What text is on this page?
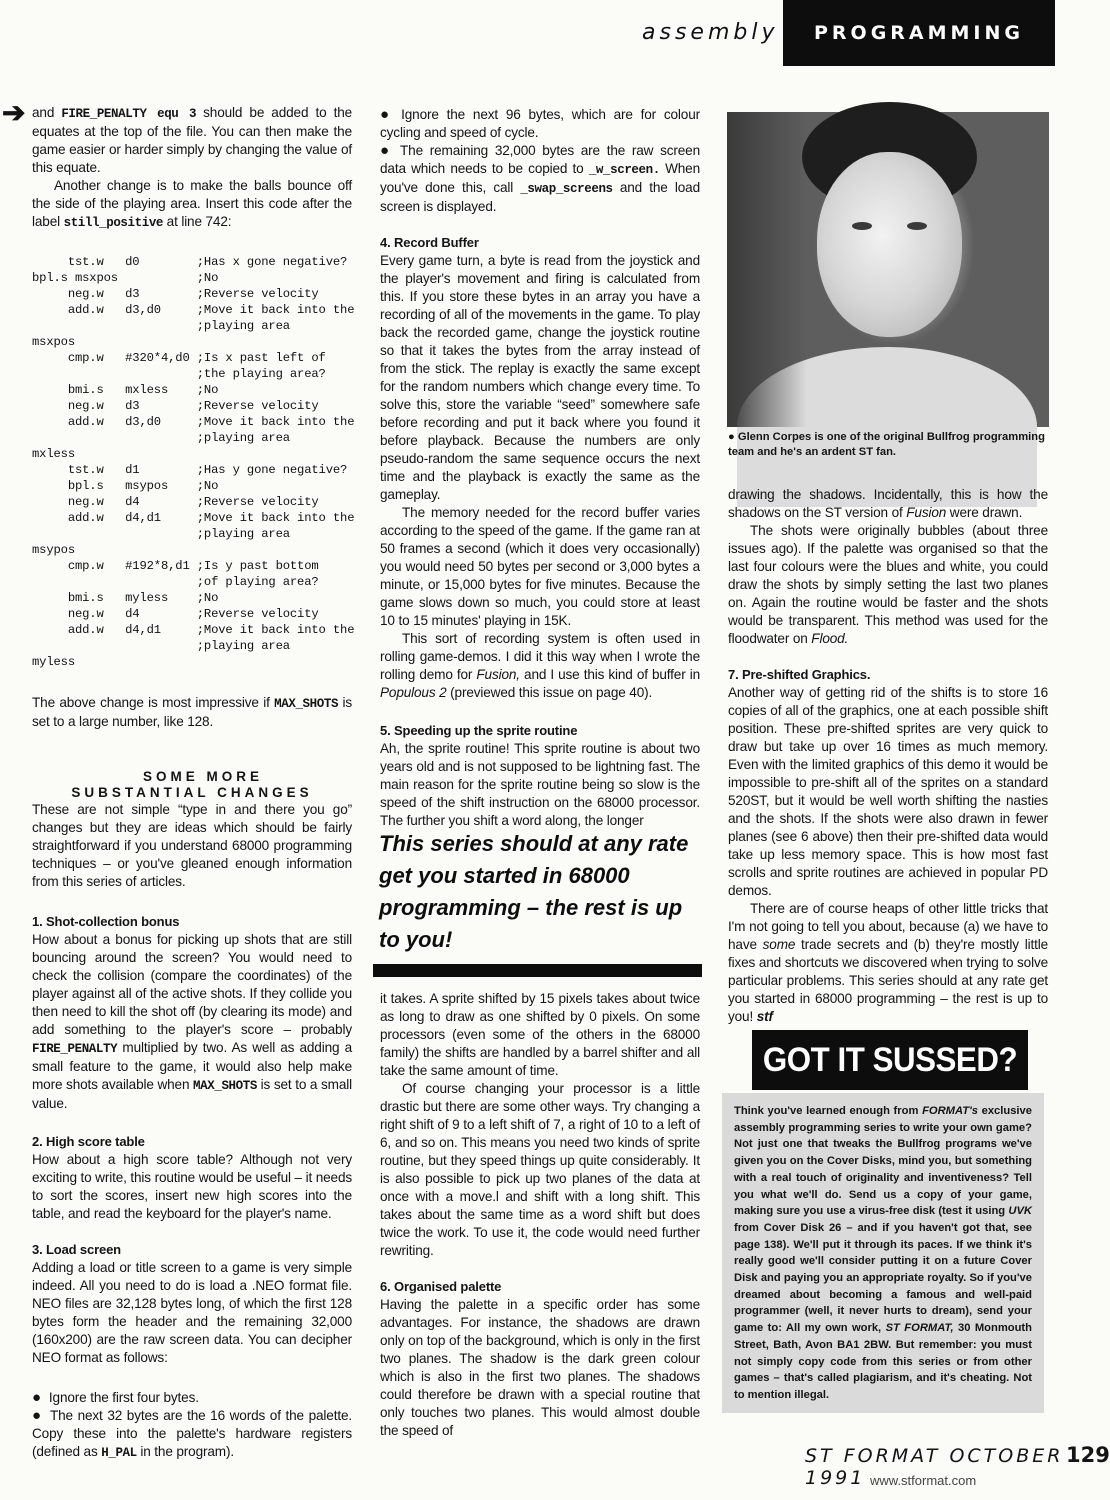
assembly	PROGRAMMING
➔ and FIRE_PENALTY equ 3 should be added to the equates at the top of the file. You can then make the game easier or harder simply by changing the value of this equate.

Another change is to make the balls bounce off the side of the playing area. Insert this code after the label still_positive at line 742:

tst.w   d0        ;Has x gone negative?
bpl.s msxpos           ;No
neg.w   d3        ;Reverse velocity
add.w   d3,d0     ;Move it back into the
;playing area
msxpos
cmp.w   #320*4,d0 ;Is x past left of
;the playing area?
bmi.s   mxless    ;No
neg.w   d3        ;Reverse velocity
add.w   d3,d0     ;Move it back into the
;playing area
mxless
tst.w   d1        ;Has y gone negative?
bpl.s   msypos    ;No
neg.w   d4        ;Reverse velocity
add.w   d4,d1     ;Move it back into the
;playing area
msypos
cmp.w   #192*8,d1 ;Is y past bottom
;of playing area?
bmi.s   myless    ;No
neg.w   d4        ;Reverse velocity
add.w   d4,d1     ;Move it back into the
;playing area
myless

The above change is most impressive if MAX_SHOTS is set to a large number, like 128.

SOME MORE SUBSTANTIAL CHANGES

These are not simple “type in and there you go” changes but they are ideas which should be fairly straightforward if you understand 68000 programming techniques – or you've gleaned enough information from this series of articles.

1. Shot-collection bonus

How about a bonus for picking up shots that are still bouncing around the screen? You would need to check the collision (compare the coordinates) of the player against all of the active shots. If they collide you then need to kill the shot off (by clearing its mode) and add something to the player's score – probably FIRE_PENALTY multiplied by two. As well as adding a small feature to the game, it would also help make more shots available when MAX_SHOTS is set to a small value.

2. High score table

How about a high score table? Although not very exciting to write, this routine would be useful – it needs to sort the scores, insert new high scores into the table, and read the keyboard for the player's name.

3. Load screen

Adding a load or title screen to a game is very simple indeed. All you need to do is load a .NEO format file. NEO files are 32,128 bytes long, of which the first 128 bytes form the header and the remaining 32,000 (160x200) are the raw screen data. You can decipher NEO format as follows:

● Ignore the first four bytes.

● The next 32 bytes are the 16 words of the palette. Copy these into the palette's hardware registers (defined as H_PAL in the program).

● Ignore the next 96 bytes, which are for colour cycling and speed of cycle.

● The remaining 32,000 bytes are the raw screen data which needs to be copied to _w_screen. When you've done this, call _swap_screens and the load screen is displayed.

4. Record Buffer

Every game turn, a byte is read from the joystick and the player's movement and firing is calculated from this. If you store these bytes in an array you have a recording of all of the movements in the game. To play back the recorded game, change the joystick routine so that it takes the bytes from the array instead of from the stick. The replay is exactly the same except for the random numbers which change every time. To solve this, store the variable “seed” somewhere safe before recording and put it back where you found it before playback. Because the numbers are only pseudo-random the same sequence occurs the next time and the playback is exactly the same as the gameplay.

The memory needed for the record buffer varies according to the speed of the game. If the game ran at 50 frames a second (which it does very occasionally) you would need 50 bytes per second or 3,000 bytes a minute, or 15,000 bytes for five minutes. Because the game slows down so much, you could store at least 10 to 15 minutes' playing in 15K.

This sort of recording system is often used in rolling game-demos. I did it this way when I wrote the rolling demo for Fusion, and I use this kind of buffer in Populous 2 (previewed this issue on page 40).

5. Speeding up the sprite routine

Ah, the sprite routine! This sprite routine is about two years old and is not supposed to be lightning fast. The main reason for the sprite routine being so slow is the speed of the shift instruction on the 68000 processor. The further you shift a word along, the longer

This series should at any rate get you started in 68000 programming – the rest is up to you!

it takes. A sprite shifted by 15 pixels takes about twice as long to draw as one shifted by 0 pixels. On some processors (even some of the others in the 68000 family) the shifts are handled by a barrel shifter and all take the same amount of time.

Of course changing your processor is a little drastic but there are some other ways. Try changing a right shift of 9 to a left shift of 7, a right of 10 to a left of 6, and so on. This means you need two kinds of sprite routine, but they speed things up quite considerably. It is also possible to pick up two planes of the data at once with a move.l and shift with a long shift. This takes about the same time as a word shift but does twice the work. To use it, the code would need further rewriting.

6. Organised palette

Having the palette in a specific order has some advantages. For instance, the shadows are drawn only on top of the background, which is only in the first two planes. The shadow is the dark green colour which is also in the first two planes. The shadows could therefore be drawn with a special routine that only touches two planes. This would almost double the speed of

● Glenn Corpes is one of the original Bullfrog programming team and he's an ardent ST fan.

drawing the shadows. Incidentally, this is how the shadows on the ST version of Fusion were drawn.

The shots were originally bubbles (about three issues ago). If the palette was organised so that the last four colours were the blues and white, you could draw the shots by simply setting the last two planes on. Again the routine would be faster and the shots would be transparent. This method was used for the floodwater on Flood.

7. Pre-shifted Graphics.

Another way of getting rid of the shifts is to store 16 copies of all of the graphics, one at each possible shift position. These pre-shifted sprites are very quick to draw but take up over 16 times as much memory. Even with the limited graphics of this demo it would be impossible to pre-shift all of the sprites on a standard 520ST, but it would be well worth shifting the nasties and the shots. If the shots were also drawn in fewer planes (see 6 above) then their pre-shifted data would take up less memory space. This is how most fast scrolls and sprite routines are achieved in popular PD demos.

There are of course heaps of other little tricks that I'm not going to tell you about, because (a) we have to have some trade secrets and (b) they're mostly little fixes and shortcuts we discovered when trying to solve particular problems. This series should at any rate get you started in 68000 programming – the rest is up to you! stf

GOT IT SUSSED?
Think you've learned enough from FORMAT's exclusive assembly programming series to write your own game? Not just one that tweaks the Bullfrog programs we've given you on the Cover Disks, mind you, but something with a real touch of originality and inventiveness? Tell you what we'll do. Send us a copy of your game, making sure you use a virus-free disk (test it using UVK from Cover Disk 26 – and if you haven't got that, see page 138). We'll put it through its paces. If we think it's really good we'll consider putting it on a future Cover Disk and paying you an appropriate royalty. So if you've dreamed about becoming a famous and well-paid programmer (well, it never hurts to dream), send your game to: All my own work, ST FORMAT, 30 Monmouth Street, Bath, Avon BA1 2BW. But remember: you must not simply copy code from this series or from other games – that's called plagiarism, and it's cheating. Not to mention illegal.
ST FORMAT OCTOBER 1991
129
www.stformat.com
